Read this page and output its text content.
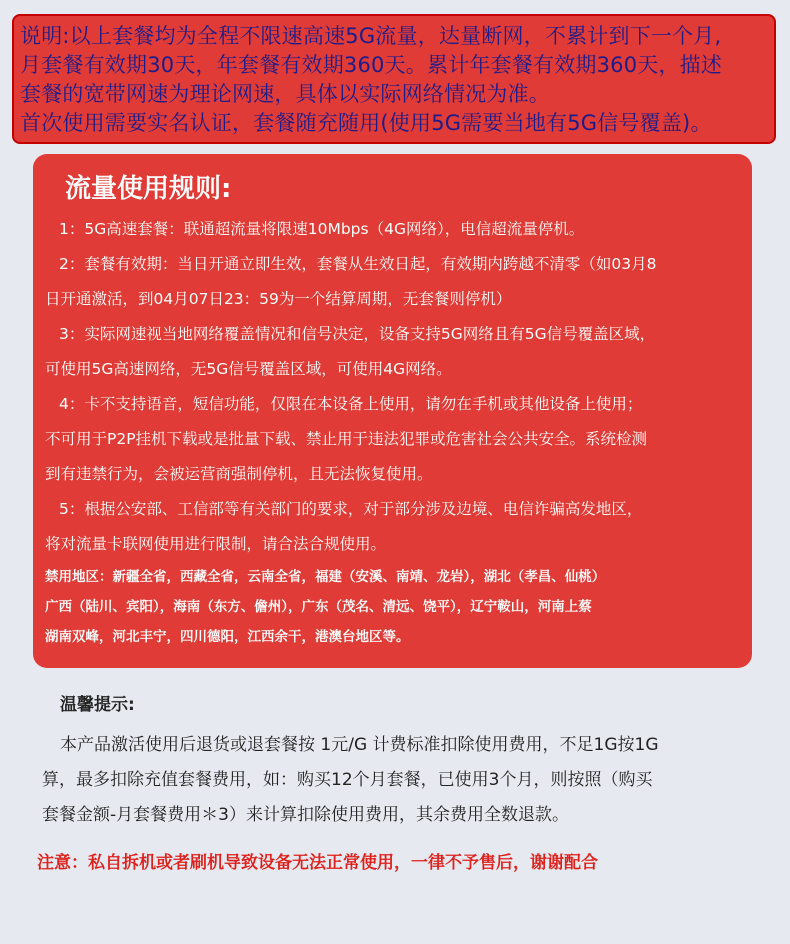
说明:以上套餐均为全程不限速高速5G流量，达量断网，不累计到下一个月,

月套餐有效期30天，年套餐有效期360天。累计年套餐有效期360天，描述

套餐的宽带网速为理论网速，具体以实际网络情况为准。

首次使用需要实名认证，套餐随充随用(使用5G需要当地有5G信号覆盖)。

流量使用规则:

1：5G高速套餐：联通超流量将限速10Mbps（4G网络），电信超流量停机。

2：套餐有效期：当日开通立即生效，套餐从生效日起，有效期内跨越不清零（如03月8

日开通激活，到04月07日23：59为一个结算周期，无套餐则停机）

3：实际网速视当地网络覆盖情况和信号决定，设备支持5G网络且有5G信号覆盖区域，

可使用5G高速网络，无5G信号覆盖区域，可使用4G网络。

4：卡不支持语音，短信功能，仅限在本设备上使用，请勿在手机或其他设备上使用；

不可用于P2P挂机下载或是批量下载、禁止用于违法犯罪或危害社会公共安全。系统检测

到有违禁行为，会被运营商强制停机，且无法恢复使用。

5：根据公安部、工信部等有关部门的要求，对于部分涉及边境、电信诈骗高发地区，

将对流量卡联网使用进行限制，请合法合规使用。

禁用地区：新疆全省，西藏全省，云南全省，福建（安溪、南靖、龙岩），湖北（孝昌、仙桃）

广西（陆川、宾阳），海南（东方、儋州），广东（茂名、清远、饶平），辽宁鞍山，河南上蔡

湖南双峰，河北丰宁，四川德阳，江西余干，港澳台地区等。

温馨提示:

本产品激活使用后退货或退套餐按 1元/G 计费标准扣除使用费用，不足1G按1G

算，最多扣除充值套餐费用，如：购买12个月套餐，已使用3个月，则按照（购买

套餐金额-月套餐费用＊3）来计算扣除使用费用，其余费用全数退款。

注意：私自拆机或者刷机导致设备无法正常使用，一律不予售后，谢谢配合
